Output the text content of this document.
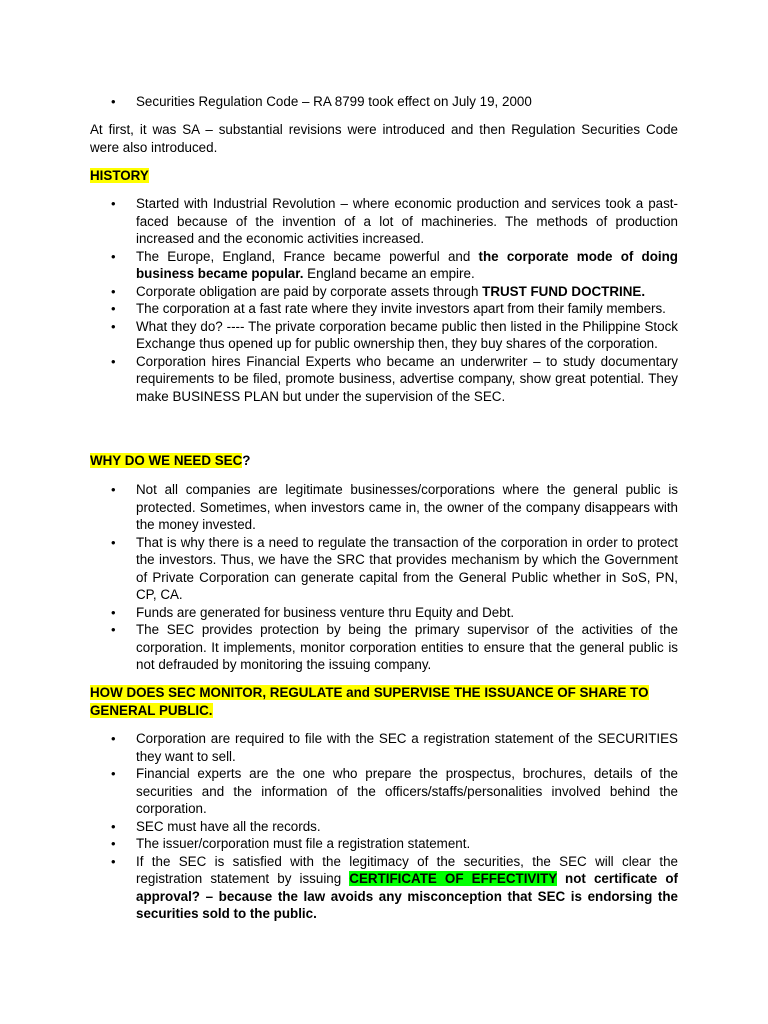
• Securities Regulation Code – RA 8799 took effect on July 19, 2000
At first, it was SA – substantial revisions were introduced and then Regulation Securities Code were also introduced.
HISTORY
• Started with Industrial Revolution – where economic production and services took a past-faced because of the invention of a lot of machineries. The methods of production increased and the economic activities increased.
• The Europe, England, France became powerful and the corporate mode of doing business became popular. England became an empire.
• Corporate obligation are paid by corporate assets through TRUST FUND DOCTRINE.
• The corporation at a fast rate where they invite investors apart from their family members.
• What they do? ---- The private corporation became public then listed in the Philippine Stock Exchange thus opened up for public ownership then, they buy shares of the corporation.
• Corporation hires Financial Experts who became an underwriter – to study documentary requirements to be filed, promote business, advertise company, show great potential. They make BUSINESS PLAN but under the supervision of the SEC.
WHY DO WE NEED SEC?
• Not all companies are legitimate businesses/corporations where the general public is protected. Sometimes, when investors came in, the owner of the company disappears with the money invested.
• That is why there is a need to regulate the transaction of the corporation in order to protect the investors. Thus, we have the SRC that provides mechanism by which the Government of Private Corporation can generate capital from the General Public whether in SoS, PN, CP, CA.
• Funds are generated for business venture thru Equity and Debt.
• The SEC provides protection by being the primary supervisor of the activities of the corporation. It implements, monitor corporation entities to ensure that the general public is not defrauded by monitoring the issuing company.
HOW DOES SEC MONITOR, REGULATE and SUPERVISE THE ISSUANCE OF SHARE TO
GENERAL PUBLIC.
• Corporation are required to file with the SEC a registration statement of the SECURITIES they want to sell.
• Financial experts are the one who prepare the prospectus, brochures, details of the securities and the information of the officers/staffs/personalities involved behind the corporation.
• SEC must have all the records.
• The issuer/corporation must file a registration statement.
• If the SEC is satisfied with the legitimacy of the securities, the SEC will clear the registration statement by issuing CERTIFICATE OF EFFECTIVITY not certificate of approval? – because the law avoids any misconception that SEC is endorsing the securities sold to the public.
